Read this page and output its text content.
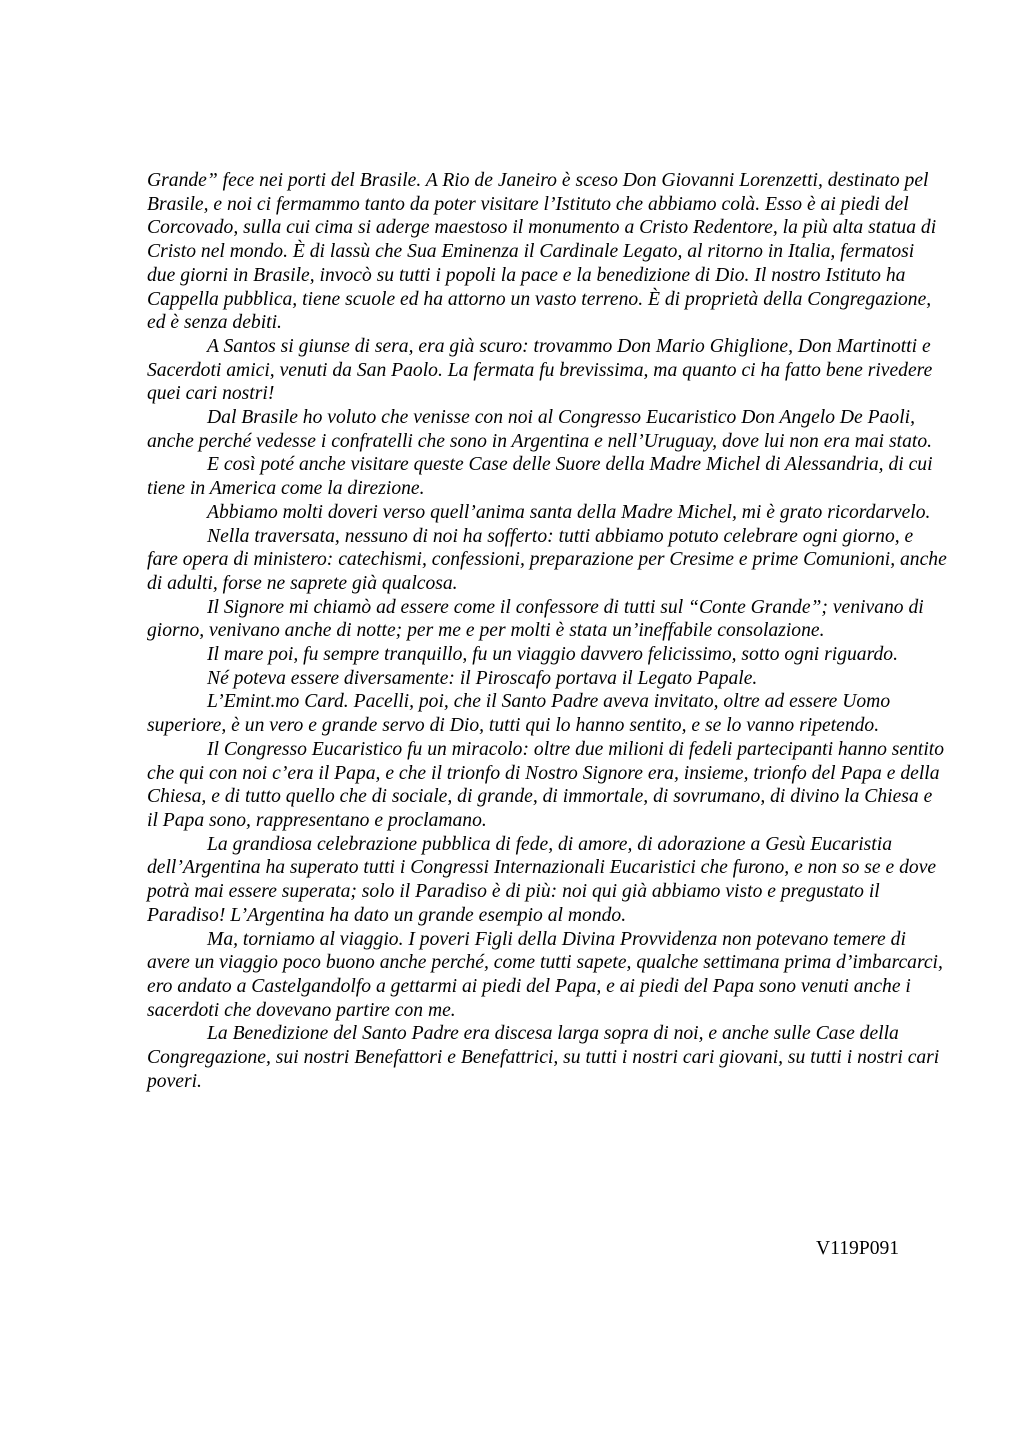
Grande” fece nei porti del Brasile. A Rio de Janeiro è sceso Don Giovanni Lorenzetti, destinato pel Brasile, e noi ci fermammo tanto da poter visitare l’Istituto che abbiamo colà. Esso è ai piedi del Corcovado, sulla cui cima si aderge maestoso il monumento a Cristo Redentore, la più alta statua di Cristo nel mondo. È di lassù che Sua Eminenza il Cardinale Legato, al ritorno in Italia, fermatosi due giorni in Brasile, invocò su tutti i popoli la pace e la benedizione di Dio. Il nostro Istituto ha Cappella pubblica, tiene scuole ed ha attorno un vasto terreno. È di proprietà della Congregazione, ed è senza debiti.

A Santos si giunse di sera, era già scuro: trovammo Don Mario Ghiglione, Don Martinotti e Sacerdoti amici, venuti da San Paolo. La fermata fu brevissima, ma quanto ci ha fatto bene rivedere quei cari nostri!

Dal Brasile ho voluto che venisse con noi al Congresso Eucaristico Don Angelo De Paoli, anche perché vedesse i confratelli che sono in Argentina e nell’Uruguay, dove lui non era mai stato.

E così poté anche visitare queste Case delle Suore della Madre Michel di Alessandria, di cui tiene in America come la direzione.

Abbiamo molti doveri verso quell’anima santa della Madre Michel, mi è grato ricordarvelo.

Nella traversata, nessuno di noi ha sofferto: tutti abbiamo potuto celebrare ogni giorno, e fare opera di ministero: catechismi, confessioni, preparazione per Cresime e prime Comunioni, anche di adulti, forse ne saprete già qualcosa.

Il Signore mi chiamò ad essere come il confessore di tutti sul “Conte Grande”; venivano di giorno, venivano anche di notte; per me e per molti è stata un’ineffabile consolazione.

Il mare poi, fu sempre tranquillo, fu un viaggio davvero felicissimo, sotto ogni riguardo.

Né poteva essere diversamente: il Piroscafo portava il Legato Papale.

L’Emint.mo Card. Pacelli, poi, che il Santo Padre aveva invitato, oltre ad essere Uomo superiore, è un vero e grande servo di Dio, tutti qui lo hanno sentito, e se lo vanno ripetendo.

Il Congresso Eucaristico fu un miracolo: oltre due milioni di fedeli partecipanti hanno sentito che qui con noi c’era il Papa, e che il trionfo di Nostro Signore era, insieme, trionfo del Papa e della Chiesa, e di tutto quello che di sociale, di grande, di immortale, di sovrumano, di divino la Chiesa e il Papa sono, rappresentano e proclamano.

La grandiosa celebrazione pubblica di fede, di amore, di adorazione a Gesù Eucaristia dell’Argentina ha superato tutti i Congressi Internazionali Eucaristici che furono, e non so se e dove potrà mai essere superata; solo il Paradiso è di più: noi qui già abbiamo visto e pregustato il Paradiso! L’Argentina ha dato un grande esempio al mondo.

Ma, torniamo al viaggio. I poveri Figli della Divina Provvidenza non potevano temere di avere un viaggio poco buono anche perché, come tutti sapete, qualche settimana prima d’imbarcarci, ero andato a Castelgandolfo a gettarmi ai piedi del Papa, e ai piedi del Papa sono venuti anche i sacerdoti che dovevano partire con me.

La Benedizione del Santo Padre era discesa larga sopra di noi, e anche sulle Case della Congregazione, sui nostri Benefattori e Benefattrici, su tutti i nostri cari giovani, su tutti i nostri cari poveri.

V119P091
